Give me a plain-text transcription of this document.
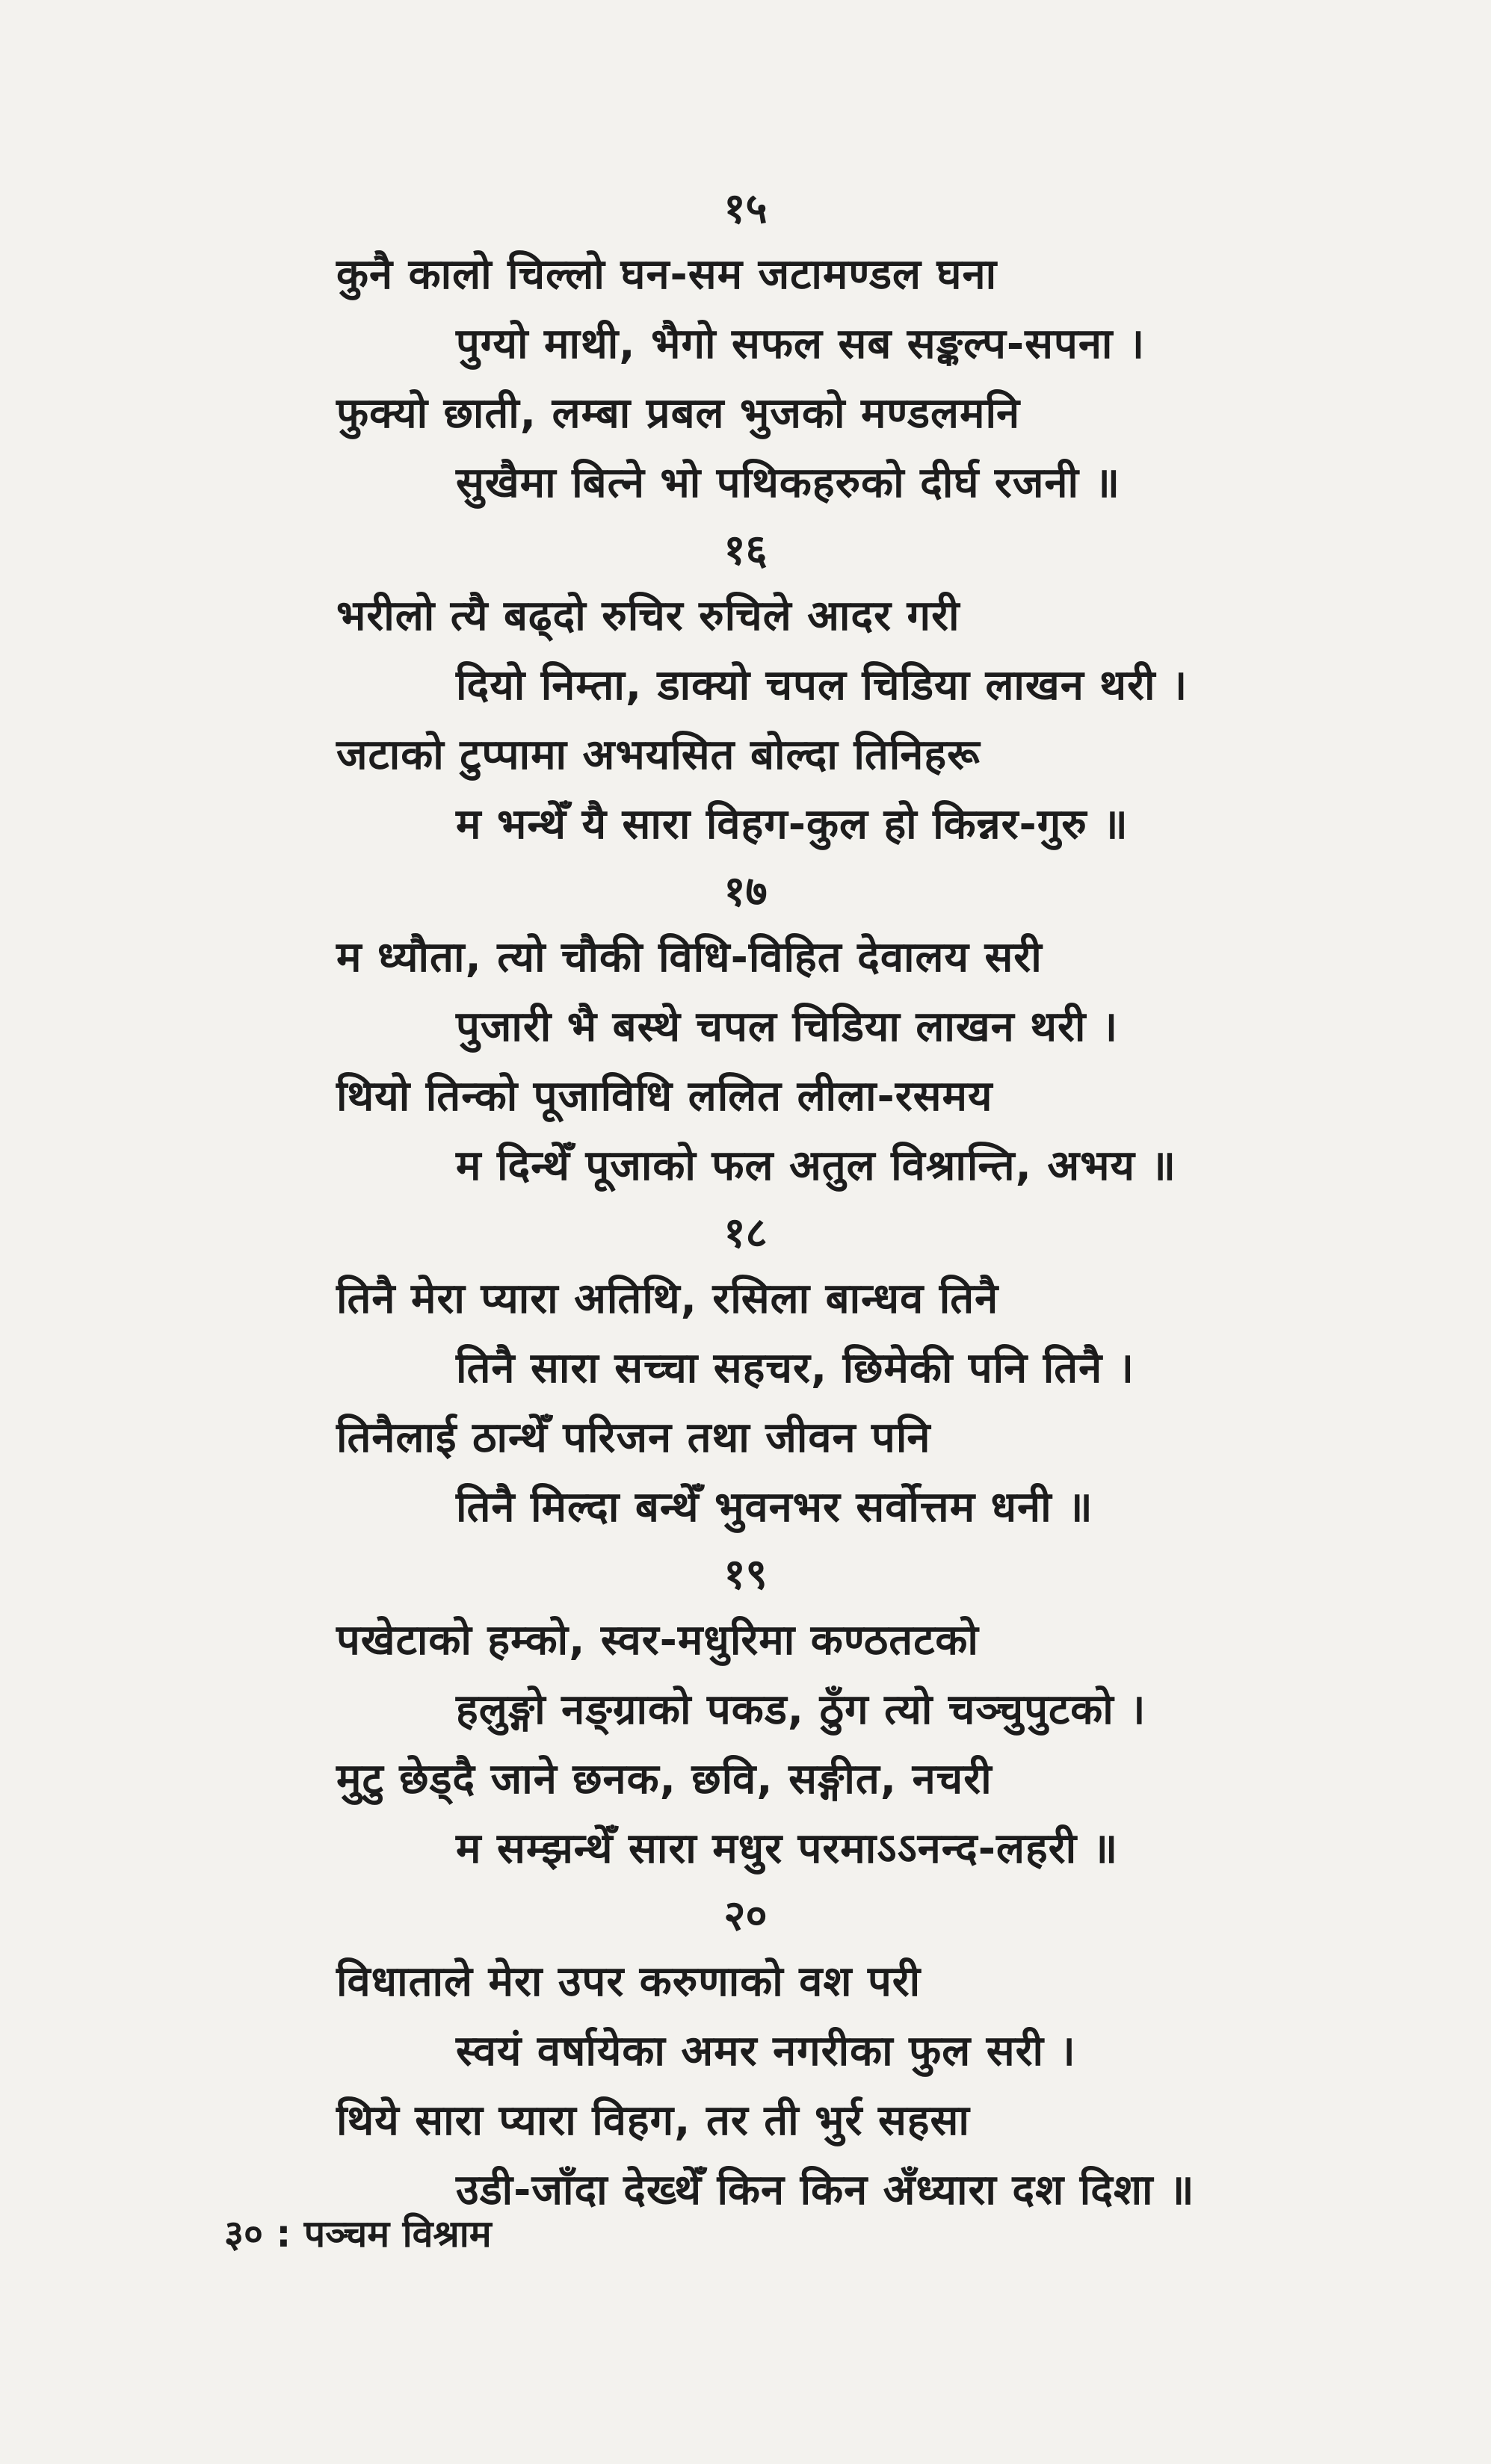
१५
कुनै कालो चिल्लो घन-सम जटामण्डल घना
पुग्यो माथी, भैगो सफल सब सङ्कल्प-सपना ।
फुक्यो छाती, लम्बा प्रबल भुजको मण्डलमनि
सुखैमा बित्ने भो पथिकहरुको दीर्घ रजनी ॥
१६
भरीलो त्यै बढ्दो रुचिर रुचिले आदर गरी
दियो निम्ता, डाक्यो चपल चिडिया लाखन थरी ।
जटाको टुप्पामा अभयसित बोल्दा तिनिहरू
म भन्थेँ यै सारा विहग-कुल हो किन्नर-गुरु ॥
१७
म ध्यौता, त्यो चौकी विधि-विहित देवालय सरी
पुजारी भै बस्थे चपल चिडिया लाखन थरी ।
थियो तिन्को पूजाविधि ललित लीला-रसमय
म दिन्थेँ पूजाको फल अतुल विश्रान्ति, अभय ॥
१८
तिनै मेरा प्यारा अतिथि, रसिला बान्धव तिनै
तिनै सारा सच्चा सहचर, छिमेकी पनि तिनै ।
तिनैलाई ठान्थेँ परिजन तथा जीवन पनि
तिनै मिल्दा बन्थेँ भुवनभर सर्वोत्तम धनी ॥
१९
पखेटाको हम्को, स्वर-मधुरिमा कण्ठतटको
हलुङ्गो नङ्ग्राको पकड, ठुँग त्यो चञ्चुपुटको ।
मुटु छेड्दै जाने छनक, छवि, सङ्गीत, नचरी
म सम्झन्थेँ सारा मधुर परमाऽऽनन्द-लहरी ॥
२०
विधाताले मेरा उपर करुणाको वश परी
स्वयं वर्षायेका अमर नगरीका फुल सरी ।
थिये सारा प्यारा विहग, तर ती भुर्र सहसा
उडी-जाँदा देख्थेँ किन किन अँध्यारा दश दिशा ॥
३० : पञ्चम विश्राम
